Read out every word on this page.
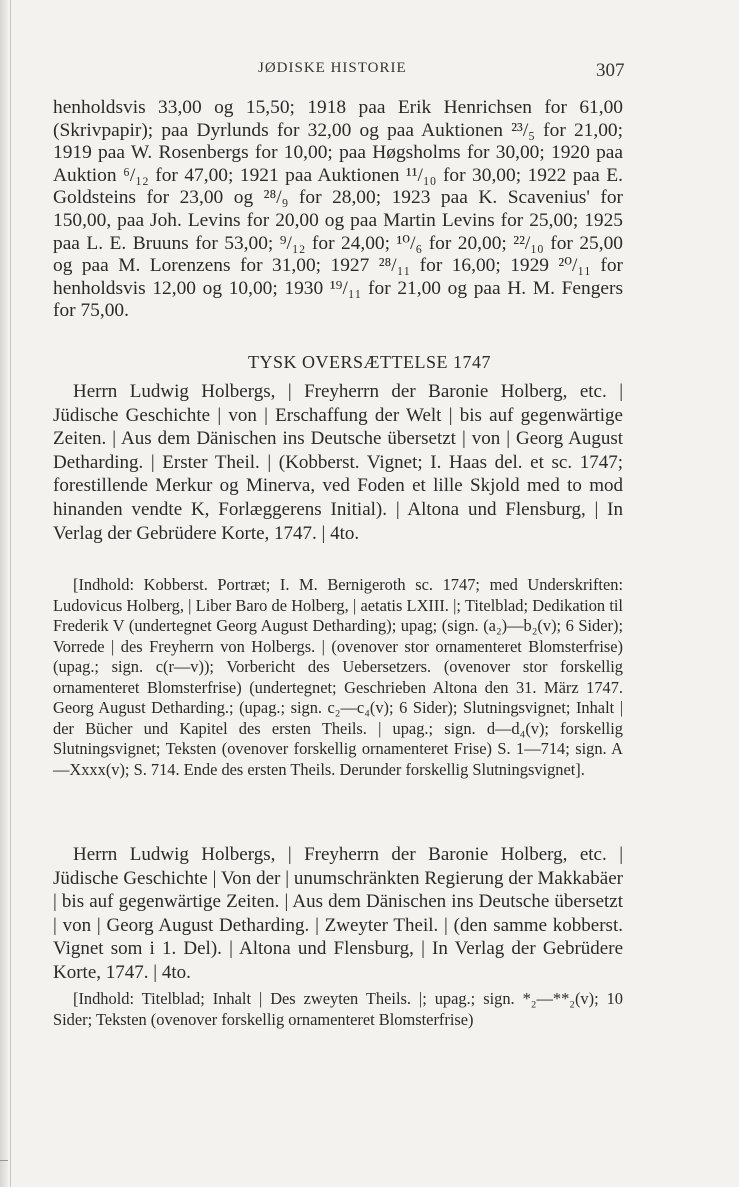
JØDISKE HISTORIE	307

henholdsvis 33,00 og 15,50; 1918 paa Erik Henrichsen for 61,00 (Skrivpapir); paa Dyrlunds for 32,00 og paa Auktionen ²³/₅ for 21,00; 1919 paa W. Rosenbergs for 10,00; paa Høgsholms for 30,00; 1920 paa Auktion ⁶/₁₂ for 47,00; 1921 paa Auktionen ¹¹/₁₀ for 30,00; 1922 paa E. Goldsteins for 23,00 og ²⁸/₉ for 28,00; 1923 paa K. Scavenius' for 150,00, paa Joh. Levins for 20,00 og paa Martin Levins for 25,00; 1925 paa L. E. Bruuns for 53,00; ⁹/₁₂ for 24,00; ¹⁰/₆ for 20,00; ²²/₁₀ for 25,00 og paa M. Lorenzens for 31,00; 1927 ²⁸/₁₁ for 16,00; 1929 ²⁰/₁₁ for henholdsvis 12,00 og 10,00; 1930 ¹⁹/₁₁ for 21,00 og paa H. M. Fengers for 75,00.

TYSK OVERSÆTTELSE 1747

Herrn Ludwig Holbergs, | Freyherrn der Baronie Holberg, etc. | Jüdische Geschichte | von | Erschaffung der Welt | bis auf gegenwärtige Zeiten. | Aus dem Dänischen ins Deutsche übersetzt | von | Georg August Detharding. | Erster Theil. | (Kobberst. Vignet; I. Haas del. et sc. 1747; forestillende Merkur og Minerva, ved Foden et lille Skjold med to mod hinanden vendte K, Forlæggerens Initial). | Altona und Flensburg, | In Verlag der Gebrüdere Korte, 1747. | 4to.

[Indhold: Kobberst. Portræt; I. M. Bernigeroth sc. 1747; med Underskriften: Ludovicus Holberg, | Liber Baro de Holberg, | aetatis LXIII. |; Titelblad; Dedikation til Frederik V (undertegnet Georg August Detharding); upag; (sign. (a₂)—b₂(v); 6 Sider); Vorrede | des Freyherrn von Holbergs. | (ovenover stor ornamenteret Blomsterfrise) (upag.; sign. c(r—v)); Vorbericht des Uebersetzers. (ovenover stor forskellig ornamenteret Blomsterfrise) (undertegnet; Geschrieben Altona den 31. März 1747. Georg August Detharding.; (upag.; sign. c₂—c₄(v); 6 Sider); Slutningsvignet; Inhalt | der Bücher und Kapitel des ersten Theils. | upag.; sign. d—d₄(v); forskellig Slutningsvignet; Teksten (ovenover forskellig ornamenteret Frise) S. 1—714; sign. A—Xxxx(v); S. 714. Ende des ersten Theils. Derunder forskellig Slutningsvignet].

Herrn Ludwig Holbergs, | Freyherrn der Baronie Holberg, etc. | Jüdische Geschichte | Von der | unumschränkten Regierung der Makkabäer | bis auf gegenwärtige Zeiten. | Aus dem Dänischen ins Deutsche übersetzt | von | Georg August Detharding. | Zweyter Theil. | (den samme kobberst. Vignet som i 1. Del). | Altona und Flensburg, | In Verlag der Gebrüdere Korte, 1747. | 4to.

[Indhold: Titelblad; Inhalt | Des zweyten Theils. |; upag.; sign. *₂—**₂(v); 10 Sider; Teksten (ovenover forskellig ornamenteret Blomsterfrise)
